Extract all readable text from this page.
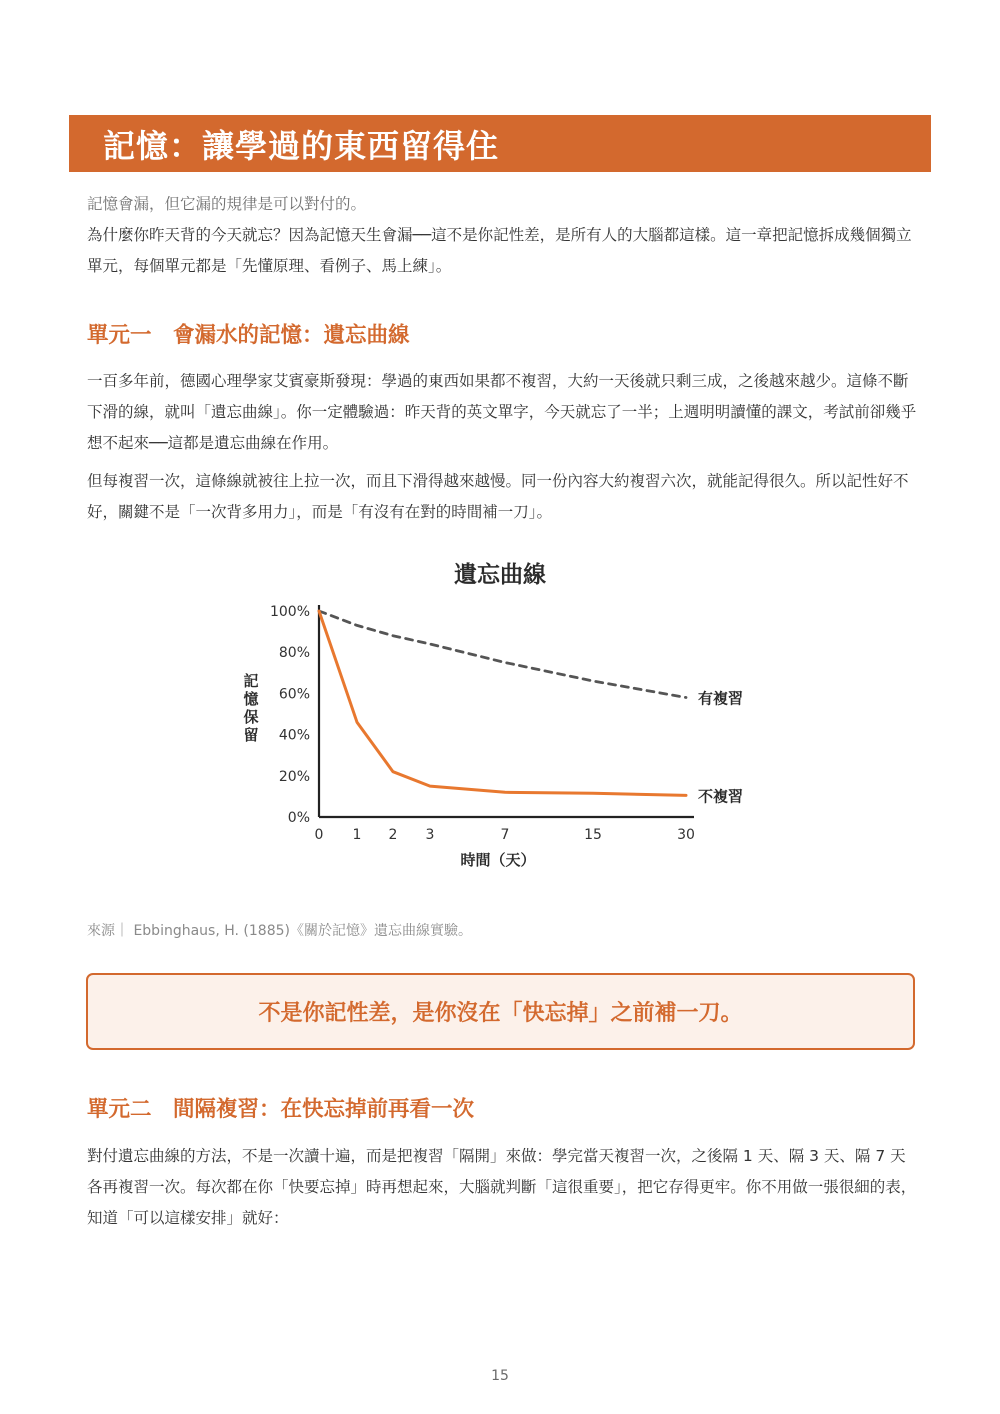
記憶：讓學過的東西留得住
記憶會漏，但它漏的規律是可以對付的。

為什麼你昨天背的今天就忘？因為記憶天生會漏──這不是你記性差，是所有人的大腦都這樣。這一章把記憶拆成幾個獨立單元，每個單元都是「先懂原理、看例子、馬上練」。

單元一　會漏水的記憶：遺忘曲線

一百多年前，德國心理學家艾賓豪斯發現：學過的東西如果都不複習，大約一天後就只剩三成，之後越來越少。這條不斷下滑的線，就叫「遺忘曲線」。你一定體驗過：昨天背的英文單字，今天就忘了一半；上週明明讀懂的課文，考試前卻幾乎想不起來──這都是遺忘曲線在作用。

但每複習一次，這條線就被往上拉一次，而且下滑得越來越慢。同一份內容大約複習六次，就能記得很久。所以記性好不好，關鍵不是「一次背多用力」，而是「有沒有在對的時間補一刀」。

遺忘曲線
0%
20%
40%
60%
80%
100%
0 1 2 3	7	15	30
時間（天）
記
憶
保
留
有複習
不複習
來源｜ Ebbinghaus, H. (1885)《關於記憶》遺忘曲線實驗。
不是你記性差，是你沒在「快忘掉」之前補一刀。
單元二　間隔複習：在快忘掉前再看一次

對付遺忘曲線的方法，不是一次讀十遍，而是把複習「隔開」來做：學完當天複習一次，之後隔 1 天、隔 3 天、隔 7 天各再複習一次。每次都在你「快要忘掉」時再想起來，大腦就判斷「這很重要」，把它存得更牢。你不用做一張很細的表，知道「可以這樣安排」就好：

15
